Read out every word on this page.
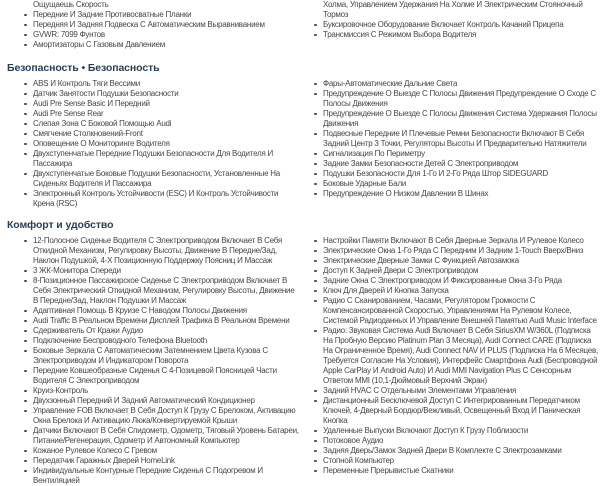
Ощущаешь Скорость
Передние И Задние Противосватные Планки
Передняя И Задняя Подвеска С Автоматическим Выравниванием
GVWR: 7099 Фунтов
Амортизаторы С Газовым Давлением
Холма, Управлением Удержания На Холме И Электрическим Стояночный Тормоз
Буксировочное Оборудование Включает Контроль Качаний Прицепа
Трансмиссия С Режимом Выбора Водителя
Безопасность • Безопасность
ABS И Контроль Тяги Вессими
Датчик Занятости Подушки Безопасности
Audi Pre Sense Basic И Передний
Audi Pre Sense Rear
Слепая Зона С Боковой Помощью Audi
Смягчение Столкновений-Front
Оповещение О Мониторинге Водителя
Двухступенчатые Передние Подушки Безопасности Для Водителя И Пассажира
Двухступенчатые Боковые Подушки Безопасности, Установленные На Сиденьях Водителя И Пассажира
Электронный Контроль Устойчивости (ESC) И Контроль Устойчивости Крена (RSC)
Фары-Автоматические Дальние Света
Предупреждение О Выезде С Полосы Движения Предупреждение О Сходе С Полосы Движения
Предупреждение О Выезде С Полосы Движения Система Удержания Полосы Движения
Подвесные Передние И Плечевые Ремни Безопасности Включают В Себя Задний Центр 3 Точки, Регуляторы Высоты И Предварительно Натяжители
Сигнализация По Периметру
Задние Замки Безопасности Детей С Электроприводом
Подушки Безопасности Для 1-Го И 2-Го Ряда Штор SIDEGUARD
Боковые Ударные Бали
Предупреждение О Низком Давлении В Шинах
Комфорт и удобство
12-Полосное Сиденье Водителя С Электроприводом Включает В Себя Откидной Механизм, Регулировку Высоты, Движение В Передне/Зад, Наклон Подушкой, 4-Х Позиционную Поддержку Поясниц И Массаж
3 ЖК-Монитора Спереди
8-Позиционное Пассажирское Сиденье С Электроприводом Включает В Себя Электрический Откидной Механизм, Регулировку Высоты, Движение В Передне/Зад, Наклон Подушки И Массаж
Адаптивная Помощь В Круизе С Наводом Полосы Движения
Audi Traffic В Реальном Времени Дисплей Трафика В Реальном Времени
Сдерживатель От Кражи Аудио
Подключение Беспроводного Телефона Bluetooth
Боковые Зеркала С Автоматическим Затемнением Цвета Кузова С Электроприводом И Индикатором Поворота
Передние Ковшеобразные Сиденья С 4-Позицевой Поясницей Части Водителя С Электроприводом
Круиз-Контроль
Двухзонный Передний И Задний Автоматический Кондиционер
Управление FOB Включает В Себя Доступ К Грузу С Брелоком, Активацию Окна Брелока И Активацию Люка/Конвертируемой Крыши
Датчики Включают В Себя Спидометр, Одометр, Тяговый Уровень Батареи, Питание/Регенерация, Одометр И Автономный Компьютер
Кожаное Рулевое Колесо С Гревом
Передатчик Гаражных Дверей HomeLink
Индивидуальные Контурные Передние Сиденья С Подогревом И Вентиляцией
Настройки Памяти Включают В Себя Дверные Зеркала И Рулевое Колесо
Электрические Окна 1-Го Ряда С Передним И Задним 1-Touch Вверх/Вниз
Электрические Дверные Замки С Функцией Автозамока
Доступ К Задней Двери С Электроприводом
Задние Окна С Электроприводом И Фиксированные Окна 3-Го Ряда
Ключ Для Дверей И Кнопка Запуска
Радио С Сканированием, Часами, Регулятором Громкости С Компенсансированной Скоростью, Управлениями На Рулевом Колесе, Системой Радиоданных И Управление Внешней Памятью Audi Music Interface
Радио: Звуковая Система Audi Включает В Себя SiriusXM W/360L (Подписка На Пробную Версию Platinum Plan 3 Месяца), Audi Connect CARE (Подписка На Ограниченное Время), Audi Connect NAV И PLUS (Подписка На 6 Месяцев, Требуется Согласие На Условия), Интерфейс Смартфона Audi (Беспроводной Apple CarPlay И Android Auto) И Audi MMI Navigation Plus С Сенсорным Ответом MMI (10,1-Дюймовый Верхний Экран)
Задний HVAC С Отдельными Элементами Управления
Дистанционный Бесключевой Доступ С Интегрированным Передатчиком Ключей, 4-Дверный Бордюр/Вежливый, Освещенный Вход И Паническая Кнопка
Удаленные Выпуски Включают Доступ К Грузу Поблизости
Потоковое Аудио
Задняя Дверь/Замок Задней Двери В Комплекте С Электрозамками
Стопной Компьютер
Переменные Прерывистые Скатники
